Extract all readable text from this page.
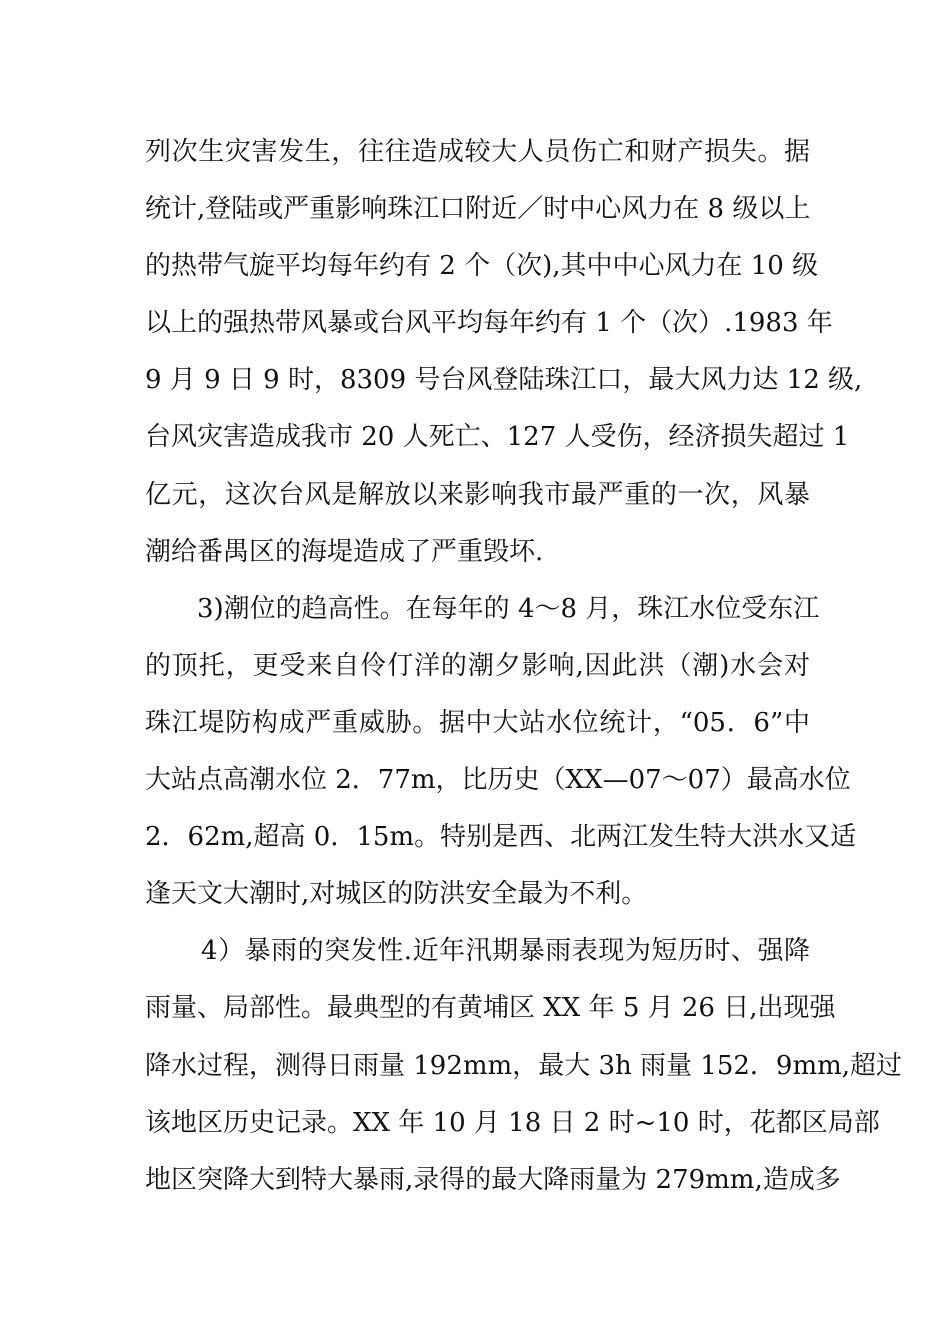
列次生灾害发生，往往造成较大人员伤亡和财产损失。据
统计,登陆或严重影响珠江口附近／时中心风力在 8 级以上
的热带气旋平均每年约有 2 个（次),其中中心风力在 10 级
以上的强热带风暴或台风平均每年约有 1 个（次）.1983 年
9 月 9 日 9 时，8309 号台风登陆珠江口，最大风力达 12 级,
台风灾害造成我市 20 人死亡、127 人受伤，经济损失超过 1
亿元，这次台风是解放以来影响我市最严重的一次，风暴
潮给番禺区的海堤造成了严重毁坏.
3)潮位的趋高性。在每年的 4～8 月，珠江水位受东江
的顶托，更受来自伶仃洋的潮夕影响,因此洪（潮)水会对
珠江堤防构成严重威胁。据中大站水位统计，“05．6”中
大站点高潮水位 2．77m，比历史（XX—07～07）最高水位
2．62m,超高 0．15m。特别是西、北两江发生特大洪水又适
逢天文大潮时,对城区的防洪安全最为不利。
4）暴雨的突发性.近年汛期暴雨表现为短历时、强降
雨量、局部性。最典型的有黄埔区 XX 年 5 月 26 日,出现强
降水过程，测得日雨量 192mm，最大 3h 雨量 152．9mm,超过
该地区历史记录。XX 年 10 月 18 日 2 时~10 时，花都区局部
地区突降大到特大暴雨,录得的最大降雨量为 279mm,造成多
